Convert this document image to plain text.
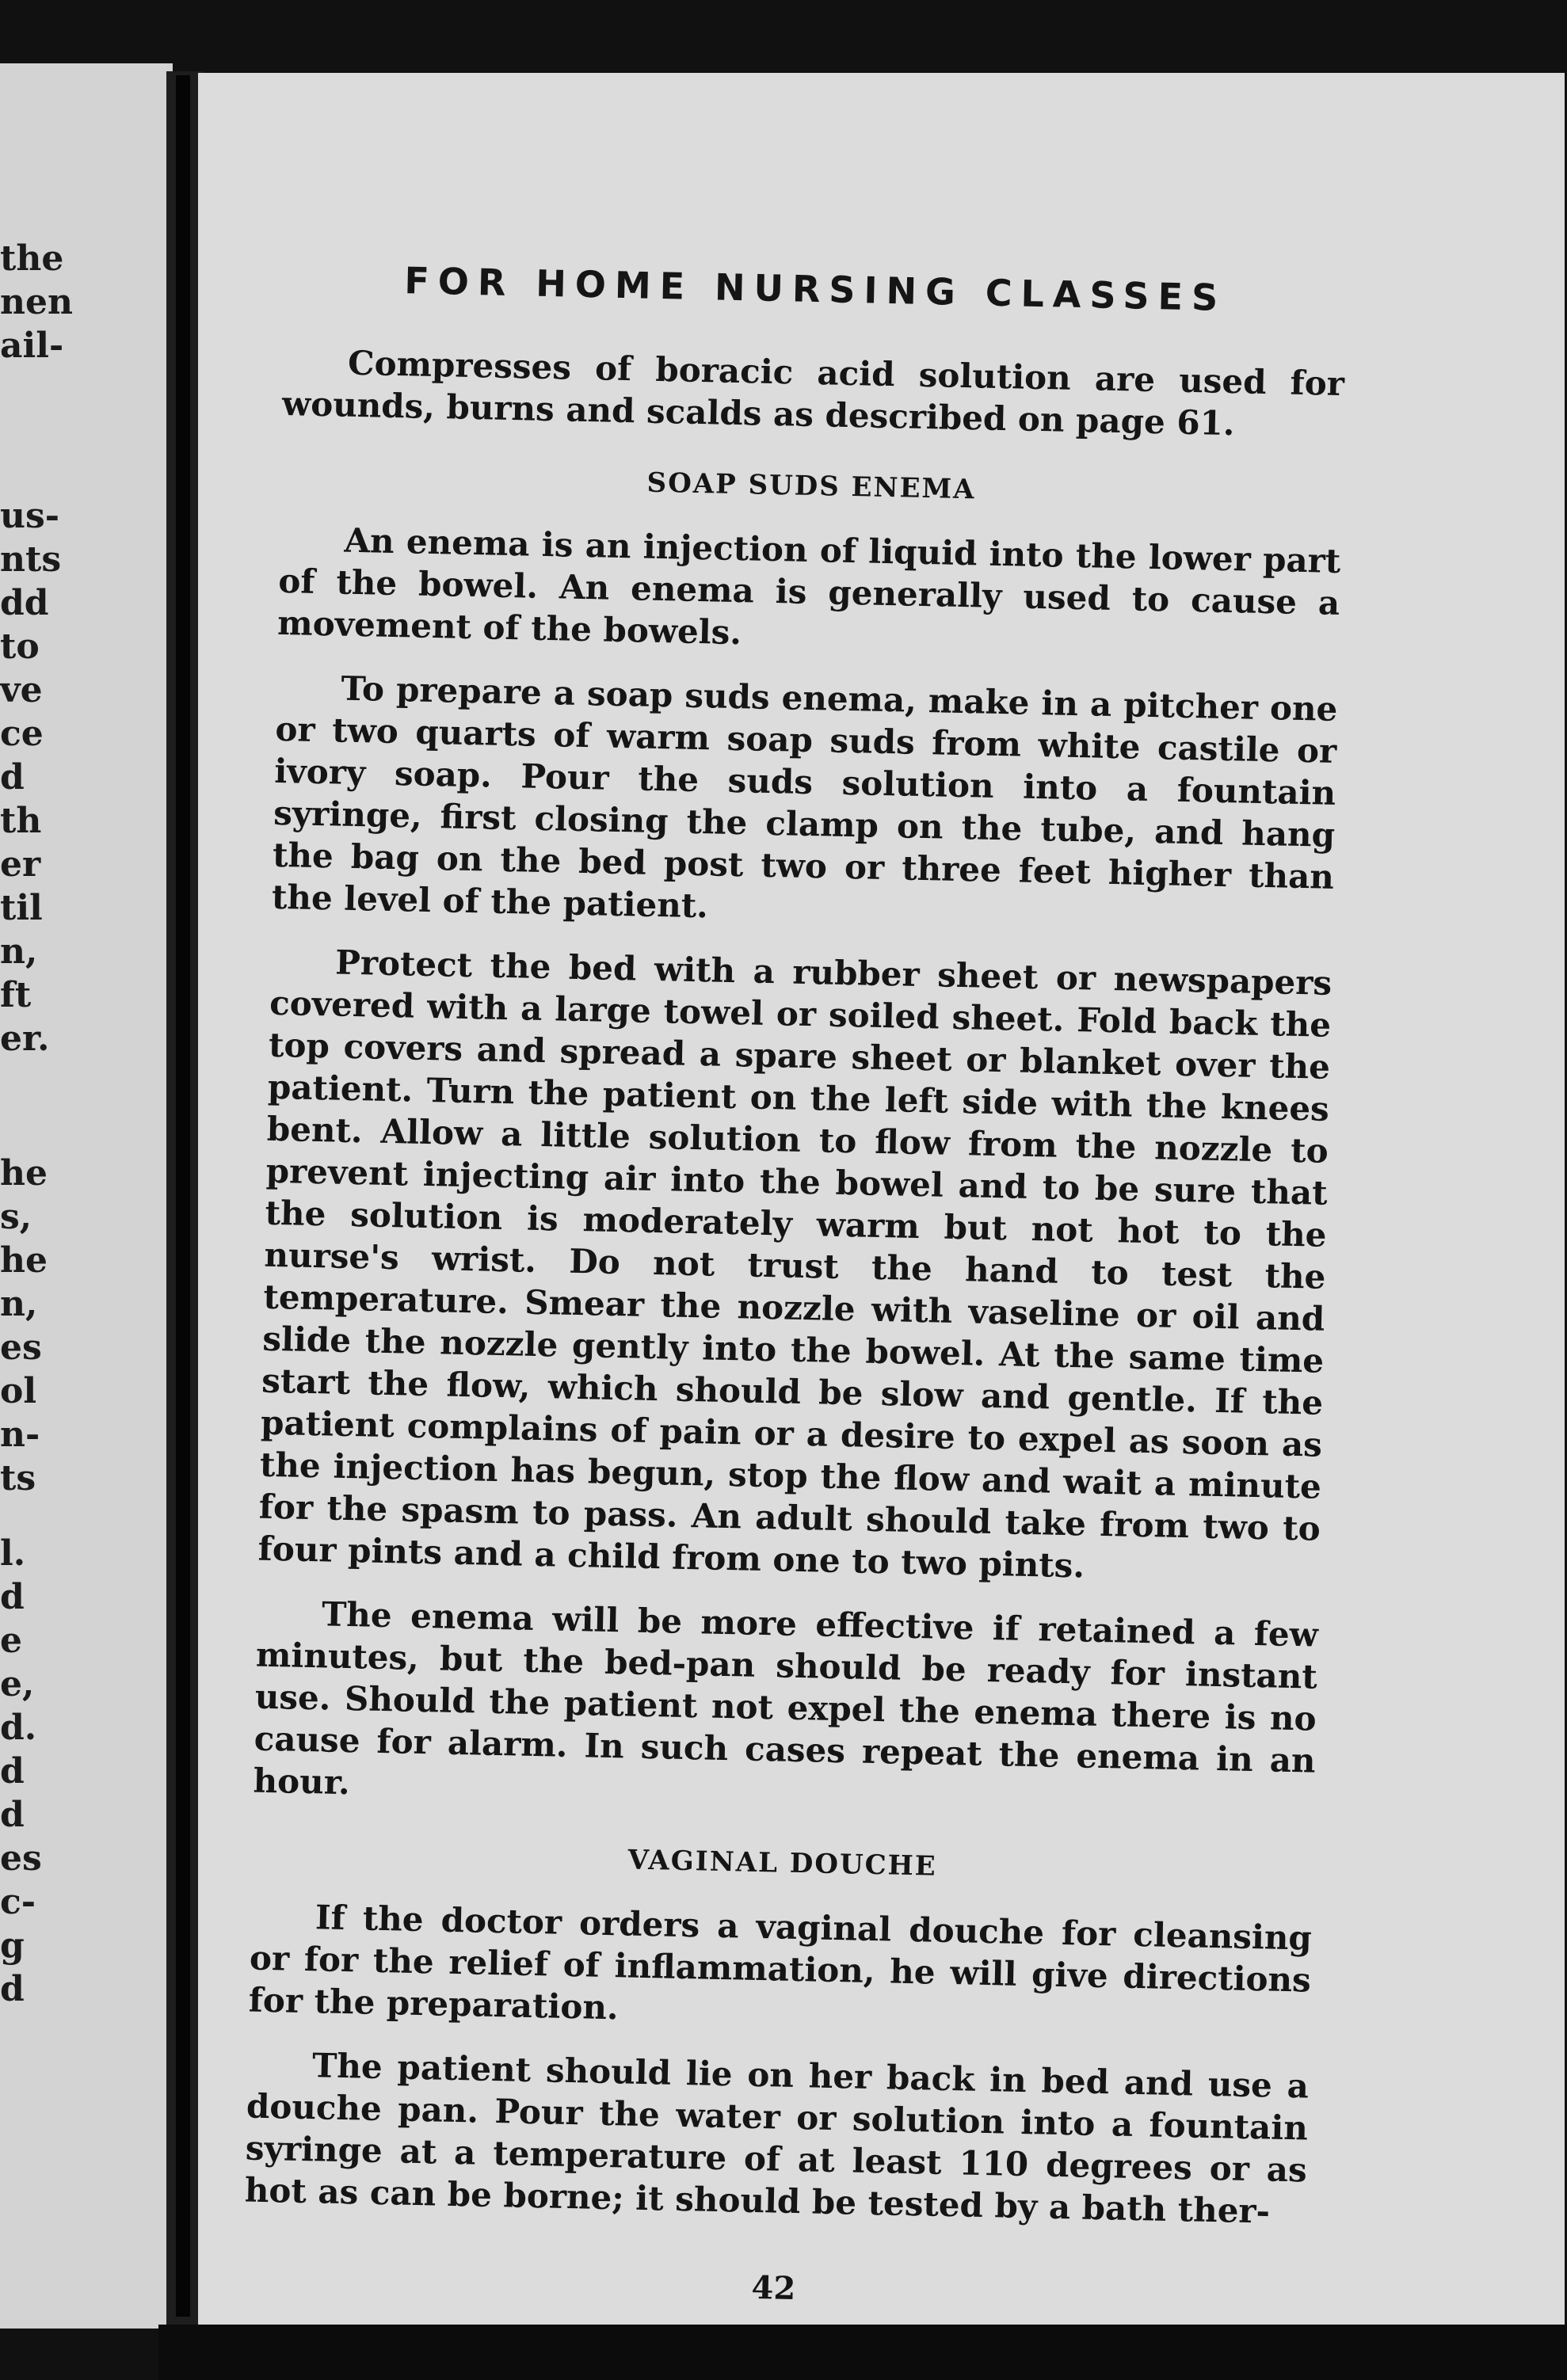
the
nen
ail-
us-
nts
dd
to
ve
ce
d
th
er
til
n,
ft
er.
he
s,
he
n,
es
ol
n-
ts
l.
d
e
e,
d.
d
d
es
c-
g
d
FOR HOME NURSING CLASSES

Compresses of boracic acid solution are used for wounds, burns and scalds as described on page 61.

SOAP SUDS ENEMA

An enema is an injection of liquid into the lower part of the bowel. An enema is generally used to cause a movement of the bowels.

To prepare a soap suds enema, make in a pitcher one or two quarts of warm soap suds from white castile or ivory soap. Pour the suds solution into a fountain syringe, first closing the clamp on the tube, and hang the bag on the bed post two or three feet higher than the level of the patient.

Protect the bed with a rubber sheet or newspapers covered with a large towel or soiled sheet. Fold back the top covers and spread a spare sheet or blanket over the patient. Turn the patient on the left side with the knees bent. Allow a little solution to flow from the nozzle to prevent injecting air into the bowel and to be sure that the solution is moderately warm but not hot to the nurse's wrist. Do not trust the hand to test the temperature. Smear the nozzle with vaseline or oil and slide the nozzle gently into the bowel. At the same time start the flow, which should be slow and gentle. If the patient complains of pain or a desire to expel as soon as the injection has begun, stop the flow and wait a minute for the spasm to pass. An adult should take from two to four pints and a child from one to two pints.

The enema will be more effective if retained a few minutes, but the bed-pan should be ready for instant use. Should the patient not expel the enema there is no cause for alarm. In such cases repeat the enema in an hour.

VAGINAL DOUCHE

If the doctor orders a vaginal douche for cleansing or for the relief of inflammation, he will give directions for the preparation.

The patient should lie on her back in bed and use a douche pan. Pour the water or solution into a fountain syringe at a temperature of at least 110 degrees or as hot as can be borne; it should be tested by a bath ther-

42
